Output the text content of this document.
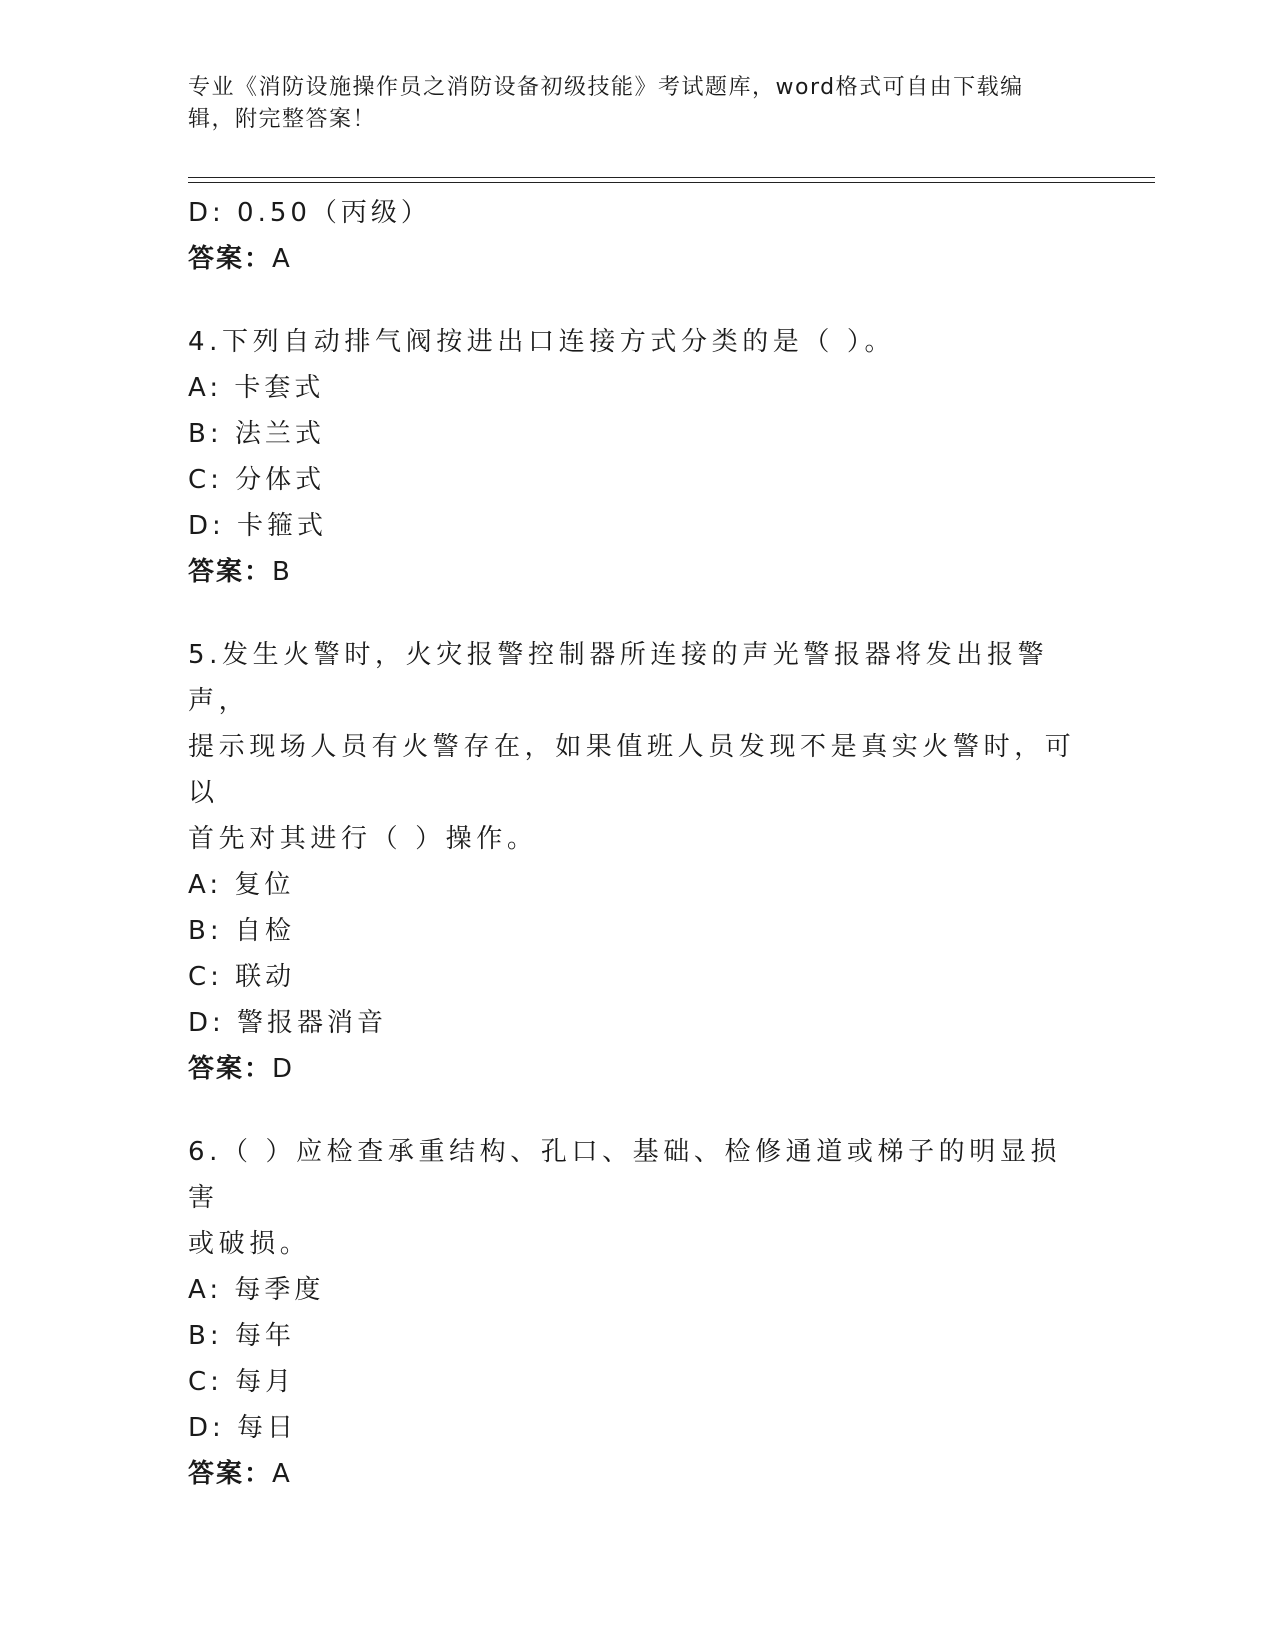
专业《消防设施操作员之消防设备初级技能》考试题库，word格式可自由下载编
辑，附完整答案！

D: 0.50（丙级）

答案：A

4.下列自动排气阀按进出口连接方式分类的是（ ）。

A: 卡套式

B: 法兰式

C: 分体式

D: 卡箍式

答案：B

5.发生火警时，火灾报警控制器所连接的声光警报器将发出报警声，

提示现场人员有火警存在，如果值班人员发现不是真实火警时，可以

首先对其进行（ ）操作。

A: 复位

B: 自检

C: 联动

D: 警报器消音

答案：D

6.（ ）应检查承重结构、孔口、基础、检修通道或梯子的明显损害

或破损。

A: 每季度

B: 每年

C: 每月

D: 每日

答案：A
